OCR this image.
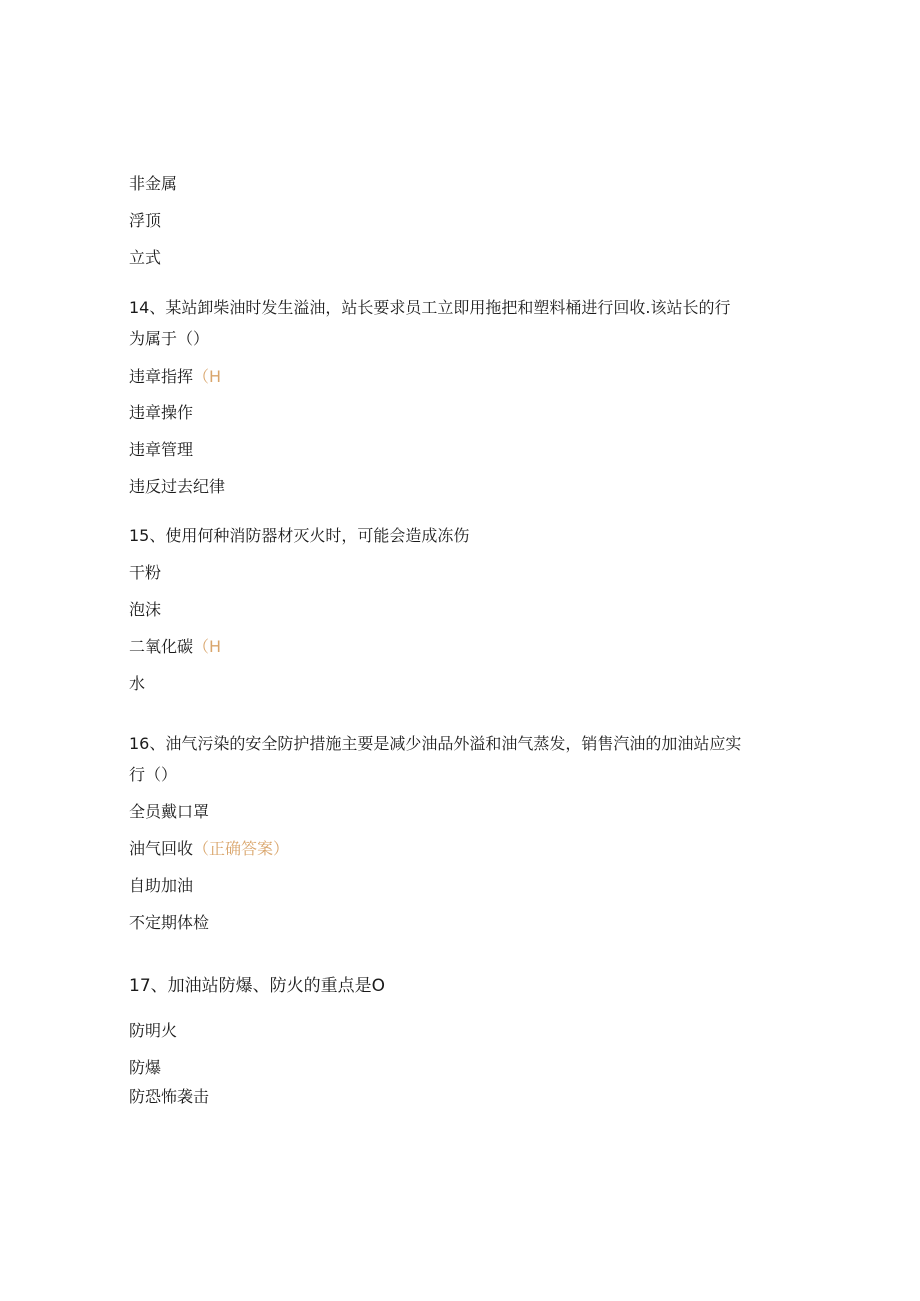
非金属

浮顶

立式

14、某站卸柴油时发生溢油，站长要求员工立即用拖把和塑料桶进行回收.该站长的行

为属于（）

违章指挥（H

违章操作

违章管理

违反过去纪律

15、使用何种消防器材灭火时，可能会造成冻伤

干粉

泡沫

二氧化碳（H

水

16、油气污染的安全防护措施主要是减少油品外溢和油气蒸发，销售汽油的加油站应实

行（）

全员戴口罩

油气回收（正确答案）

自助加油

不定期体检

17、加油站防爆、防火的重点是O

防明火

防爆

防恐怖袭击
